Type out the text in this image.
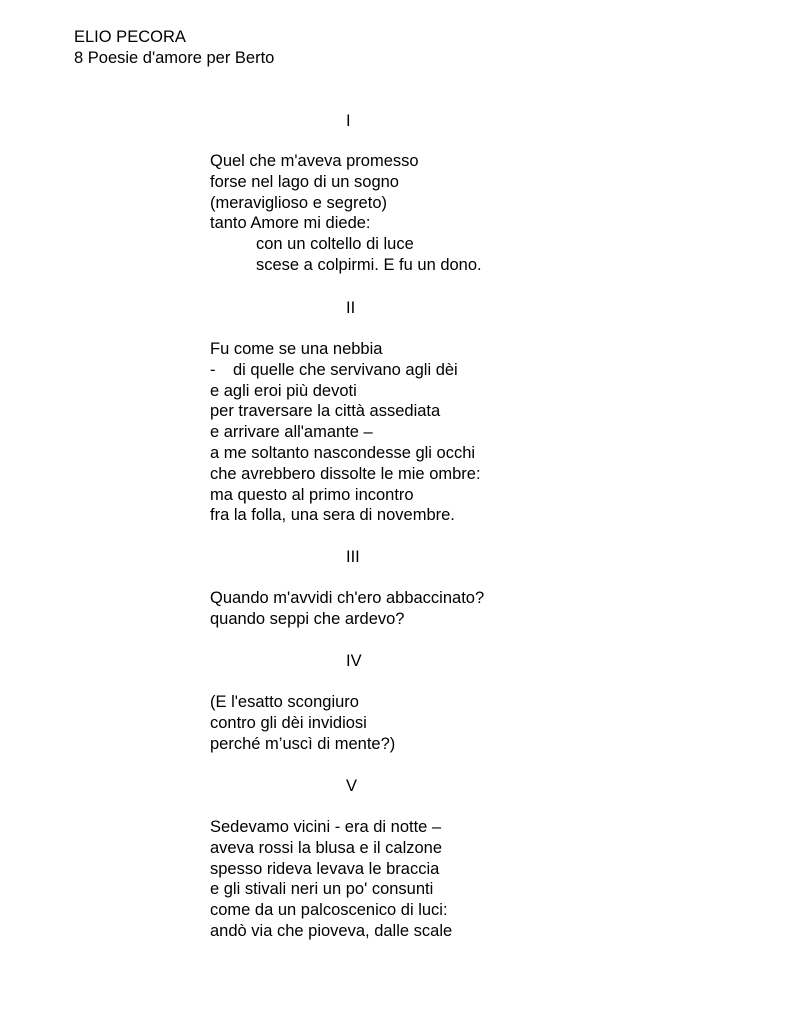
ELIO PECORA
8 Poesie d'amore per Berto
I
Quel che m'aveva promesso
forse nel lago di un sogno
(meraviglioso e segreto)
tanto Amore mi diede:
con un coltello di luce
scese a colpirmi. E fu un dono.
II
Fu come se una nebbia
- di quelle che servivano agli dèi
e agli eroi più devoti
per traversare la città assediata
e arrivare all'amante –
a me soltanto nascondesse gli occhi
che avrebbero dissolte le mie ombre:
ma questo al primo incontro
fra la folla, una sera di novembre.
III
Quando m'avvidi ch'ero abbaccinato?
quando seppi che ardevo?
IV
(E l'esatto scongiuro
contro gli dèi invidiosi
perché m’uscì di mente?)
V
Sedevamo vicini - era di notte –
aveva rossi la blusa e il calzone
spesso rideva levava le braccia
e gli stivali neri un po' consunti
come da un palcoscenico di luci:
andò via che pioveva, dalle scale
